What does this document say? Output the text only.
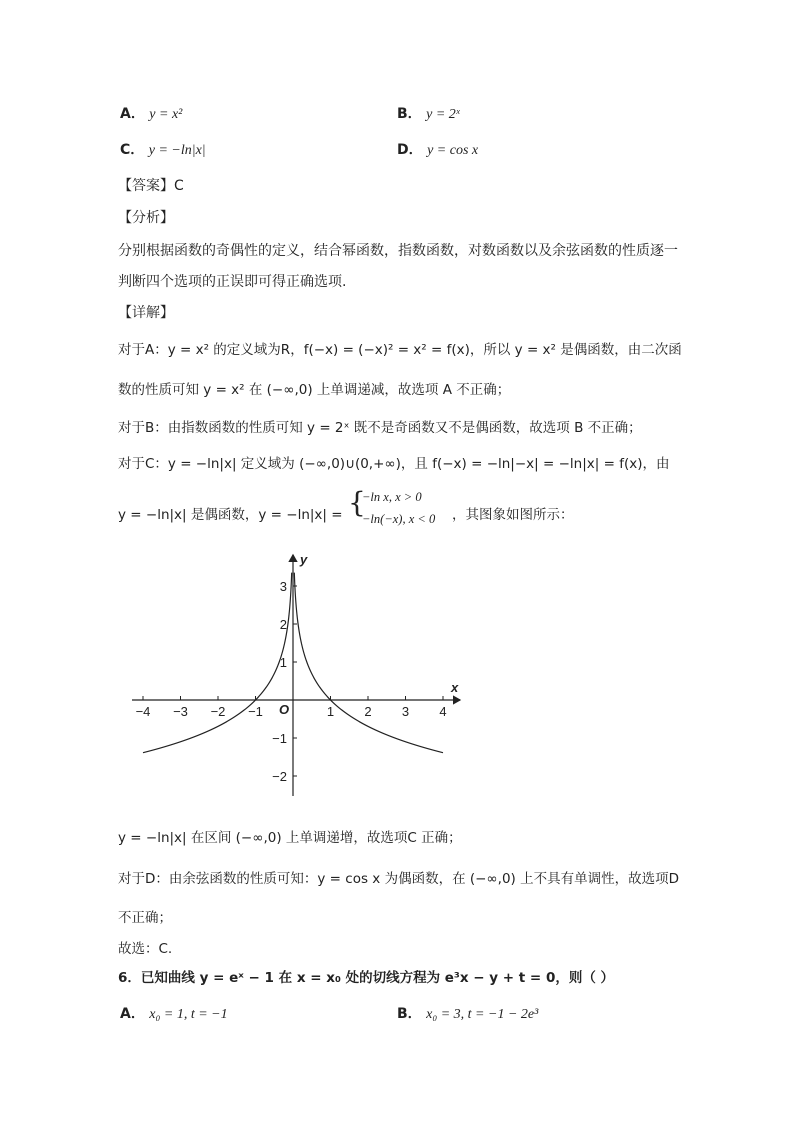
A． y = x²	B． y = 2ˣ
C． y = −ln|x|	D． y = cos x
【答案】C
【分析】
分别根据函数的奇偶性的定义，结合幂函数，指数函数，对数函数以及余弦函数的性质逐一
判断四个选项的正误即可得正确选项.
【详解】
对于A：y = x² 的定义域为R，f(−x) = (−x)² = x² = f(x)，所以 y = x² 是偶函数，由二次函
数的性质可知 y = x² 在 (−∞,0) 上单调递减，故选项 A 不正确；
对于B：由指数函数的性质可知 y = 2ˣ 既不是奇函数又不是偶函数，故选项 B 不正确；
对于C：y = −ln|x| 定义域为 (−∞,0)∪(0,+∞)，且 f(−x) = −ln|−x| = −ln|x| = f(x)，由
y = −ln|x| 是偶函数，y = −ln|x| = {
−ln x, x > 0
−ln(−x), x < 0 ，其图象如图所示：
−4 −3 −2 −1	1 2 3 4
−2
−1
1
2
3
x
y
O
y = −ln|x| 在区间 (−∞,0) 上单调递增，故选项C 正确；
对于D：由余弦函数的性质可知：y = cos x 为偶函数，在 (−∞,0) 上不具有单调性，故选项D
不正确；
故选：C.
6．已知曲线 y = eˣ − 1 在 x = x₀ 处的切线方程为 e³x − y + t = 0，则（ ）
A． x₀ = 1, t = −1	B． x₀ = 3, t = −1 − 2e³
